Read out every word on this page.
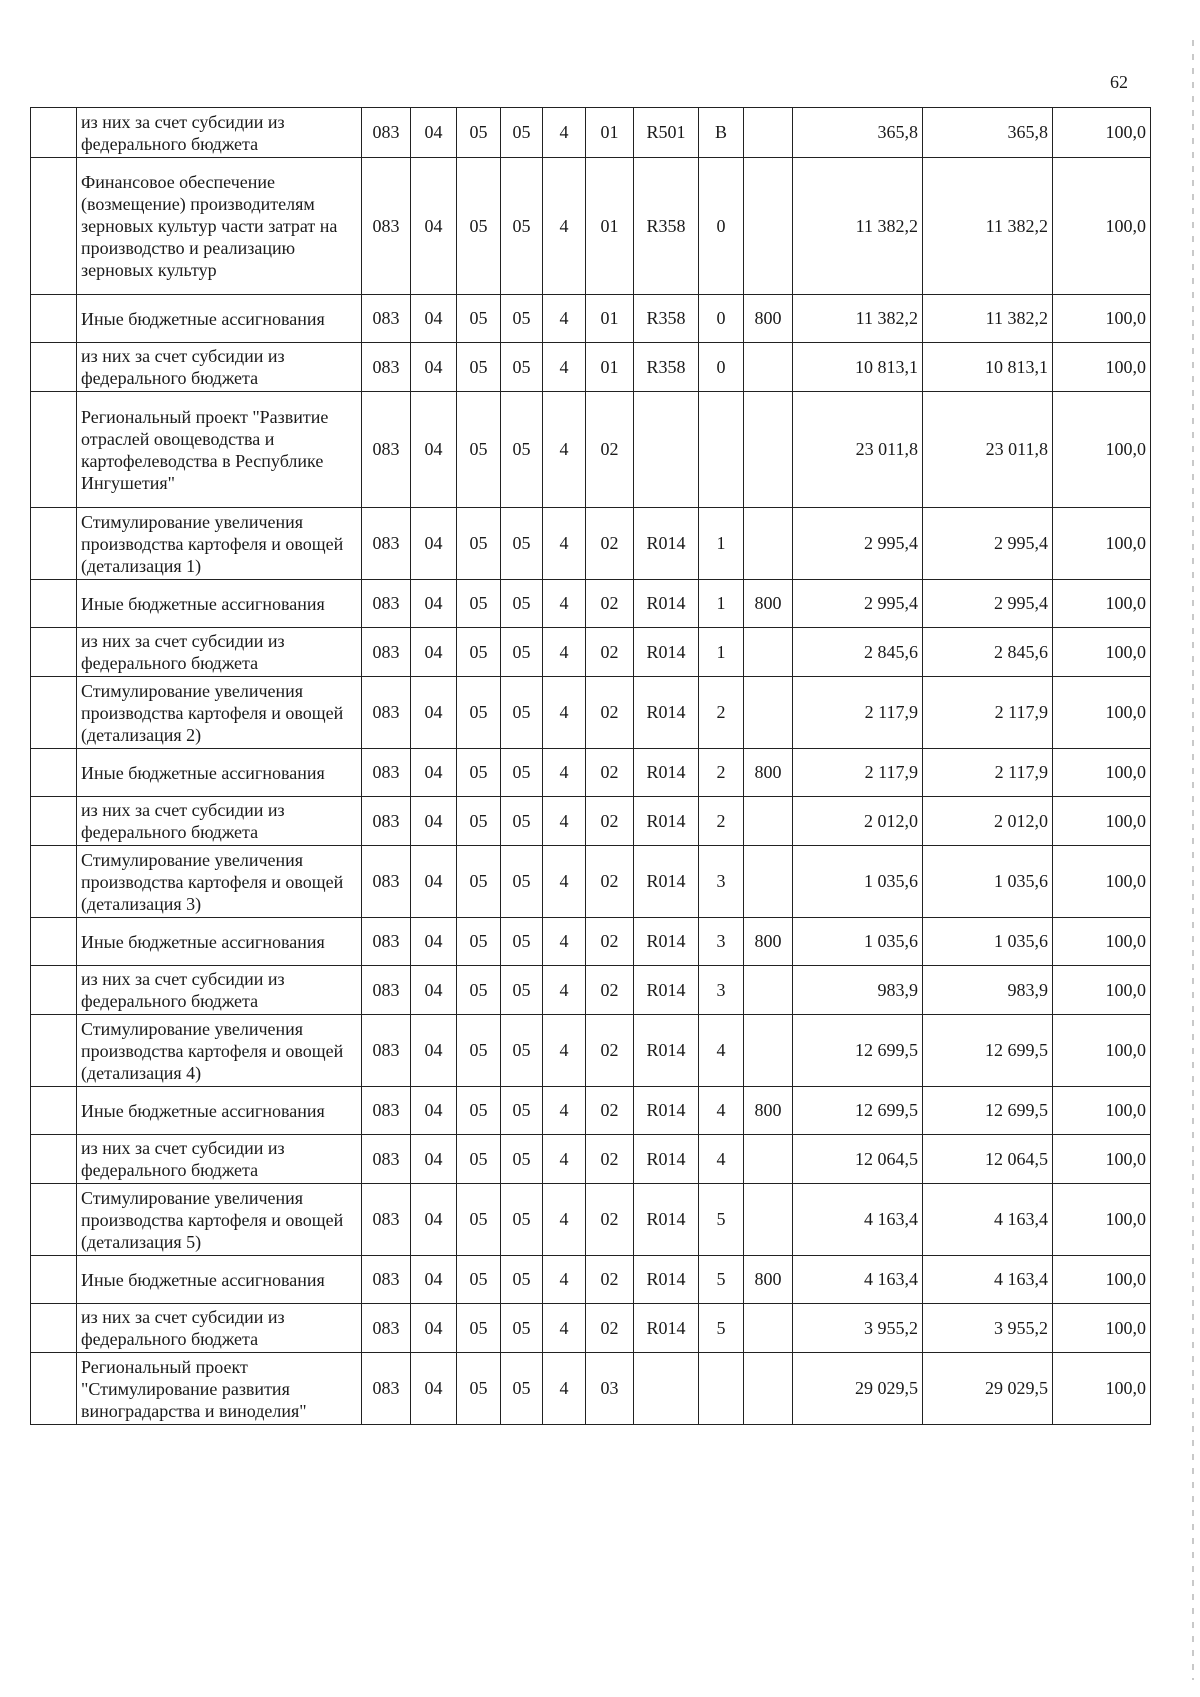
62
	из них за счет субсидии из федерального бюджета	083	04	05	05	4	01	R501	В		365,8	365,8	100,0
	Финансовое обеспечение (возмещение) производителям зерновых культур части затрат на производство и реализацию зерновых культур	083	04	05	05	4	01	R358	0		11 382,2	11 382,2	100,0
	Иные бюджетные ассигнования	083	04	05	05	4	01	R358	0	800	11 382,2	11 382,2	100,0
	из них за счет субсидии из федерального бюджета	083	04	05	05	4	01	R358	0		10 813,1	10 813,1	100,0
	Региональный проект "Развитие отраслей овощеводства и картофелеводства в Республике Ингушетия"	083	04	05	05	4	02				23 011,8	23 011,8	100,0
	Стимулирование увеличения производства картофеля и овощей (детализация 1)	083	04	05	05	4	02	R014	1		2 995,4	2 995,4	100,0
	Иные бюджетные ассигнования	083	04	05	05	4	02	R014	1	800	2 995,4	2 995,4	100,0
	из них за счет субсидии из федерального бюджета	083	04	05	05	4	02	R014	1		2 845,6	2 845,6	100,0
	Стимулирование увеличения производства картофеля и овощей (детализация 2)	083	04	05	05	4	02	R014	2		2 117,9	2 117,9	100,0
	Иные бюджетные ассигнования	083	04	05	05	4	02	R014	2	800	2 117,9	2 117,9	100,0
	из них за счет субсидии из федерального бюджета	083	04	05	05	4	02	R014	2		2 012,0	2 012,0	100,0
	Стимулирование увеличения производства картофеля и овощей (детализация 3)	083	04	05	05	4	02	R014	3		1 035,6	1 035,6	100,0
	Иные бюджетные ассигнования	083	04	05	05	4	02	R014	3	800	1 035,6	1 035,6	100,0
	из них за счет субсидии из федерального бюджета	083	04	05	05	4	02	R014	3		983,9	983,9	100,0
	Стимулирование увеличения производства картофеля и овощей (детализация 4)	083	04	05	05	4	02	R014	4		12 699,5	12 699,5	100,0
	Иные бюджетные ассигнования	083	04	05	05	4	02	R014	4	800	12 699,5	12 699,5	100,0
	из них за счет субсидии из федерального бюджета	083	04	05	05	4	02	R014	4		12 064,5	12 064,5	100,0
	Стимулирование увеличения производства картофеля и овощей (детализация 5)	083	04	05	05	4	02	R014	5		4 163,4	4 163,4	100,0
	Иные бюджетные ассигнования	083	04	05	05	4	02	R014	5	800	4 163,4	4 163,4	100,0
	из них за счет субсидии из федерального бюджета	083	04	05	05	4	02	R014	5		3 955,2	3 955,2	100,0
	Региональный проект "Стимулирование развития виноградарства и виноделия"	083	04	05	05	4	03				29 029,5	29 029,5	100,0
